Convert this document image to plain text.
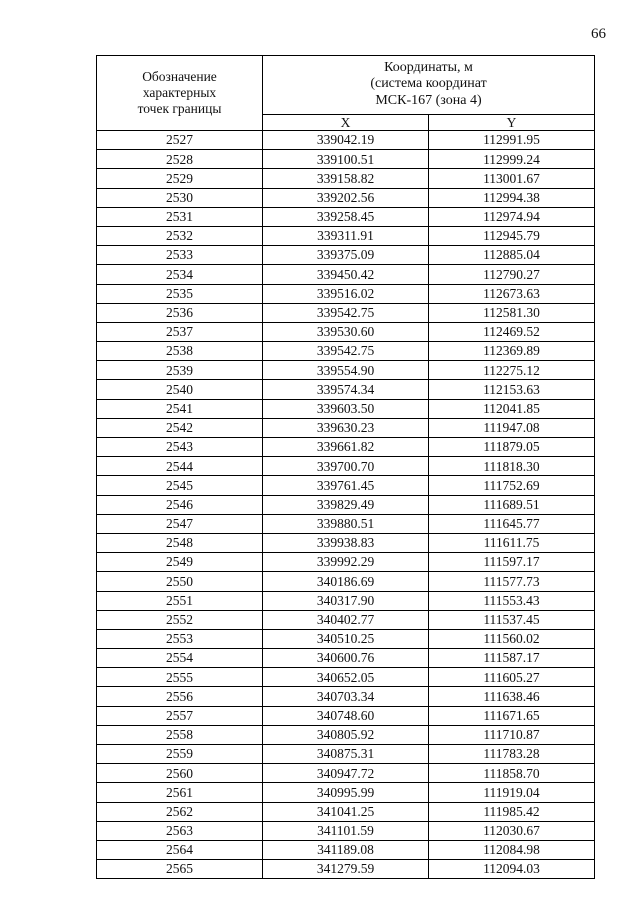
66
Обозначение
характерных
точек границы	Координаты, м
(система координат
МСК-167 (зона 4)	

	X	Y
2527	339042.19	112991.95
2528	339100.51	112999.24
2529	339158.82	113001.67
2530	339202.56	112994.38
2531	339258.45	112974.94
2532	339311.91	112945.79
2533	339375.09	112885.04
2534	339450.42	112790.27
2535	339516.02	112673.63
2536	339542.75	112581.30
2537	339530.60	112469.52
2538	339542.75	112369.89
2539	339554.90	112275.12
2540	339574.34	112153.63
2541	339603.50	112041.85
2542	339630.23	111947.08
2543	339661.82	111879.05
2544	339700.70	111818.30
2545	339761.45	111752.69
2546	339829.49	111689.51
2547	339880.51	111645.77
2548	339938.83	111611.75
2549	339992.29	111597.17
2550	340186.69	111577.73
2551	340317.90	111553.43
2552	340402.77	111537.45
2553	340510.25	111560.02
2554	340600.76	111587.17
2555	340652.05	111605.27
2556	340703.34	111638.46
2557	340748.60	111671.65
2558	340805.92	111710.87
2559	340875.31	111783.28
2560	340947.72	111858.70
2561	340995.99	111919.04
2562	341041.25	111985.42
2563	341101.59	112030.67
2564	341189.08	112084.98
2565	341279.59	112094.03
